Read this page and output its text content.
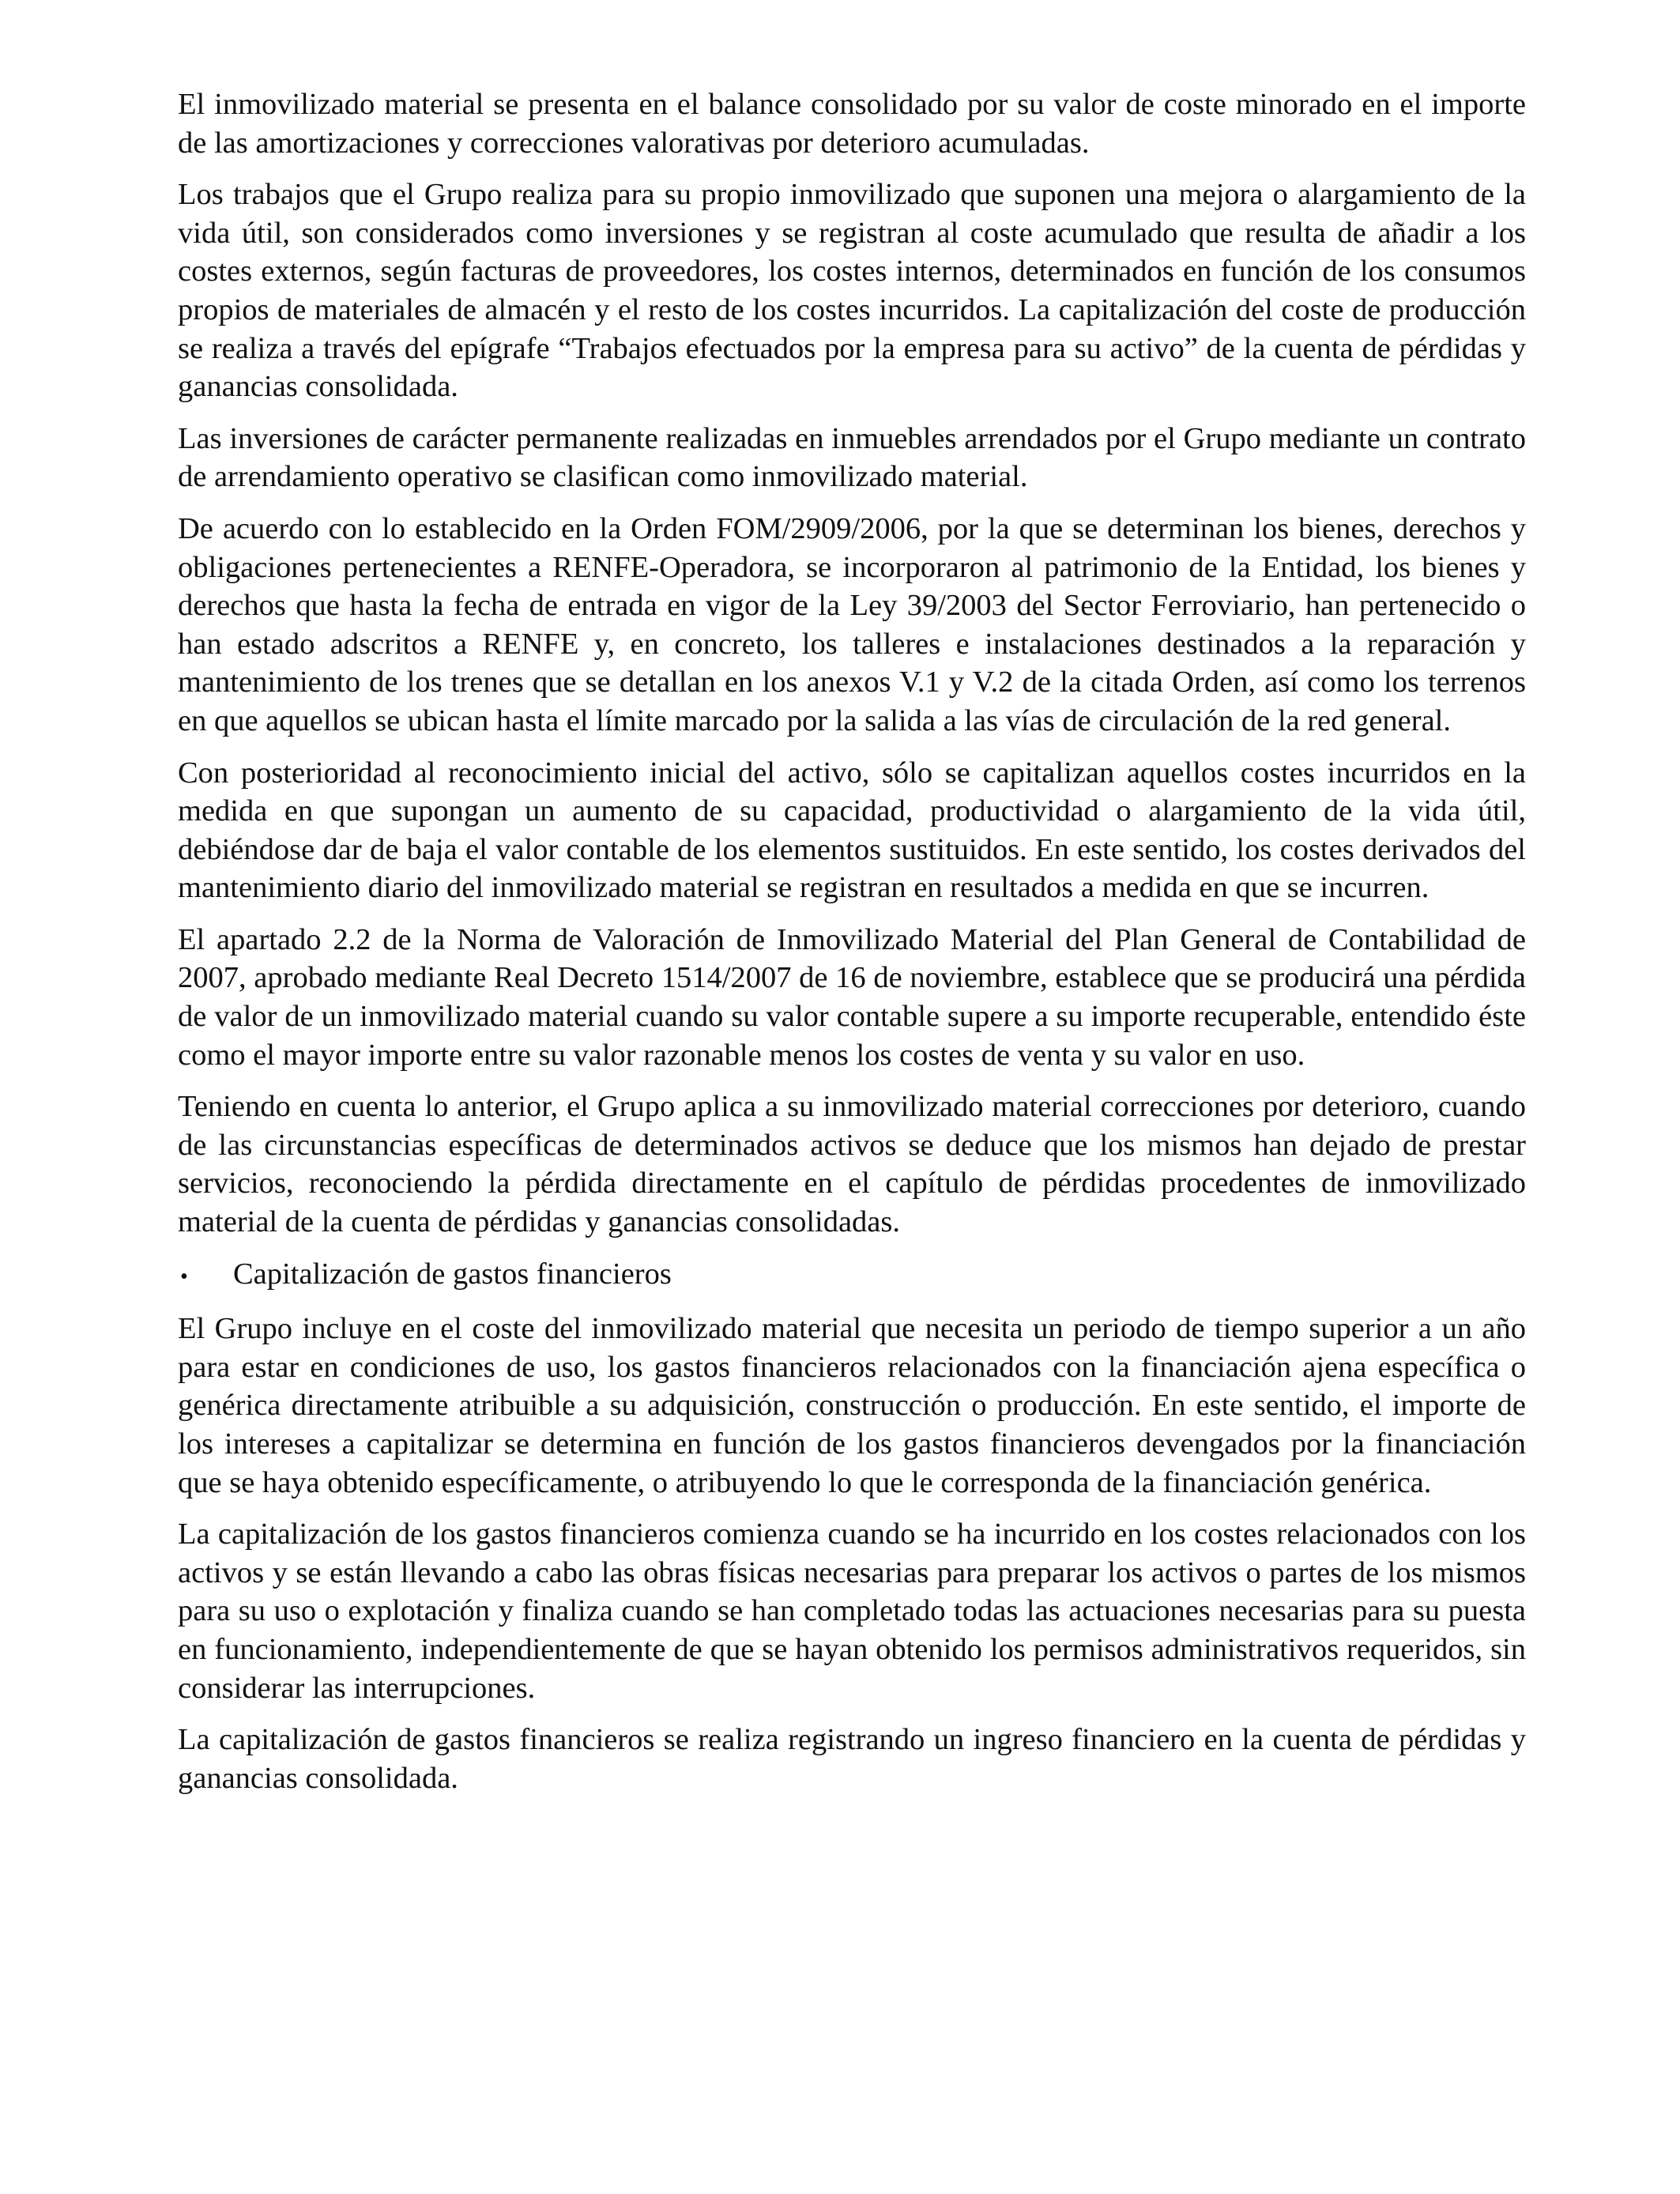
El inmovilizado material se presenta en el balance consolidado por su valor de coste minorado en el importe de las amortizaciones y correcciones valorativas por deterioro acumuladas.

Los trabajos que el Grupo realiza para su propio inmovilizado que suponen una mejora o alargamiento de la vida útil, son considerados como inversiones y se registran al coste acumulado que resulta de añadir a los costes externos, según facturas de proveedores, los costes internos, determinados en función de los consumos propios de materiales de almacén y el resto de los costes incurridos. La capitalización del coste de producción se realiza a través del epígrafe “Trabajos efectuados por la empresa para su activo” de la cuenta de pérdidas y ganancias consolidada.

Las inversiones de carácter permanente realizadas en inmuebles arrendados por el Grupo mediante un contrato de arrendamiento operativo se clasifican como inmovilizado material.

De acuerdo con lo establecido en la Orden FOM/2909/2006, por la que se determinan los bienes, derechos y obligaciones pertenecientes a RENFE-Operadora, se incorporaron al patrimonio de la Entidad, los bienes y derechos que hasta la fecha de entrada en vigor de la Ley 39/2003 del Sector Ferroviario, han pertenecido o han estado adscritos a RENFE y, en concreto, los talleres e instalaciones destinados a la reparación y mantenimiento de los trenes que se detallan en los anexos V.1 y V.2 de la citada Orden, así como los terrenos en que aquellos se ubican hasta el límite marcado por la salida a las vías de circulación de la red general.

Con posterioridad al reconocimiento inicial del activo, sólo se capitalizan aquellos costes incurridos en la medida en que supongan un aumento de su capacidad, productividad o alargamiento de la vida útil, debiéndose dar de baja el valor contable de los elementos sustituidos. En este sentido, los costes derivados del mantenimiento diario del inmovilizado material se registran en resultados a medida en que se incurren.

El apartado 2.2 de la Norma de Valoración de Inmovilizado Material del Plan General de Contabilidad de 2007, aprobado mediante Real Decreto 1514/2007 de 16 de noviembre, establece que se producirá una pérdida de valor de un inmovilizado material cuando su valor contable supere a su importe recuperable, entendido éste como el mayor importe entre su valor razonable menos los costes de venta y su valor en uso.

Teniendo en cuenta lo anterior, el Grupo aplica a su inmovilizado material correcciones por deterioro, cuando de las circunstancias específicas de determinados activos se deduce que los mismos han dejado de prestar servicios, reconociendo la pérdida directamente en el capítulo de pérdidas procedentes de inmovilizado material de la cuenta de pérdidas y ganancias consolidadas.

•	Capitalización de gastos financieros

El Grupo incluye en el coste del inmovilizado material que necesita un periodo de tiempo superior a un año para estar en condiciones de uso, los gastos financieros relacionados con la financiación ajena específica o genérica directamente atribuible a su adquisición, construcción o producción. En este sentido, el importe de los intereses a capitalizar se determina en función de los gastos financieros devengados por la financiación que se haya obtenido específicamente, o atribuyendo lo que le corresponda de la financiación genérica.

La capitalización de los gastos financieros comienza cuando se ha incurrido en los costes relacionados con los activos y se están llevando a cabo las obras físicas necesarias para preparar los activos o partes de los mismos para su uso o explotación y finaliza cuando se han completado todas las actuaciones necesarias para su puesta en funcionamiento, independientemente de que se hayan obtenido los permisos administrativos requeridos, sin considerar las interrupciones.

La capitalización de gastos financieros se realiza registrando un ingreso financiero en la cuenta de pérdidas y ganancias consolidada.
